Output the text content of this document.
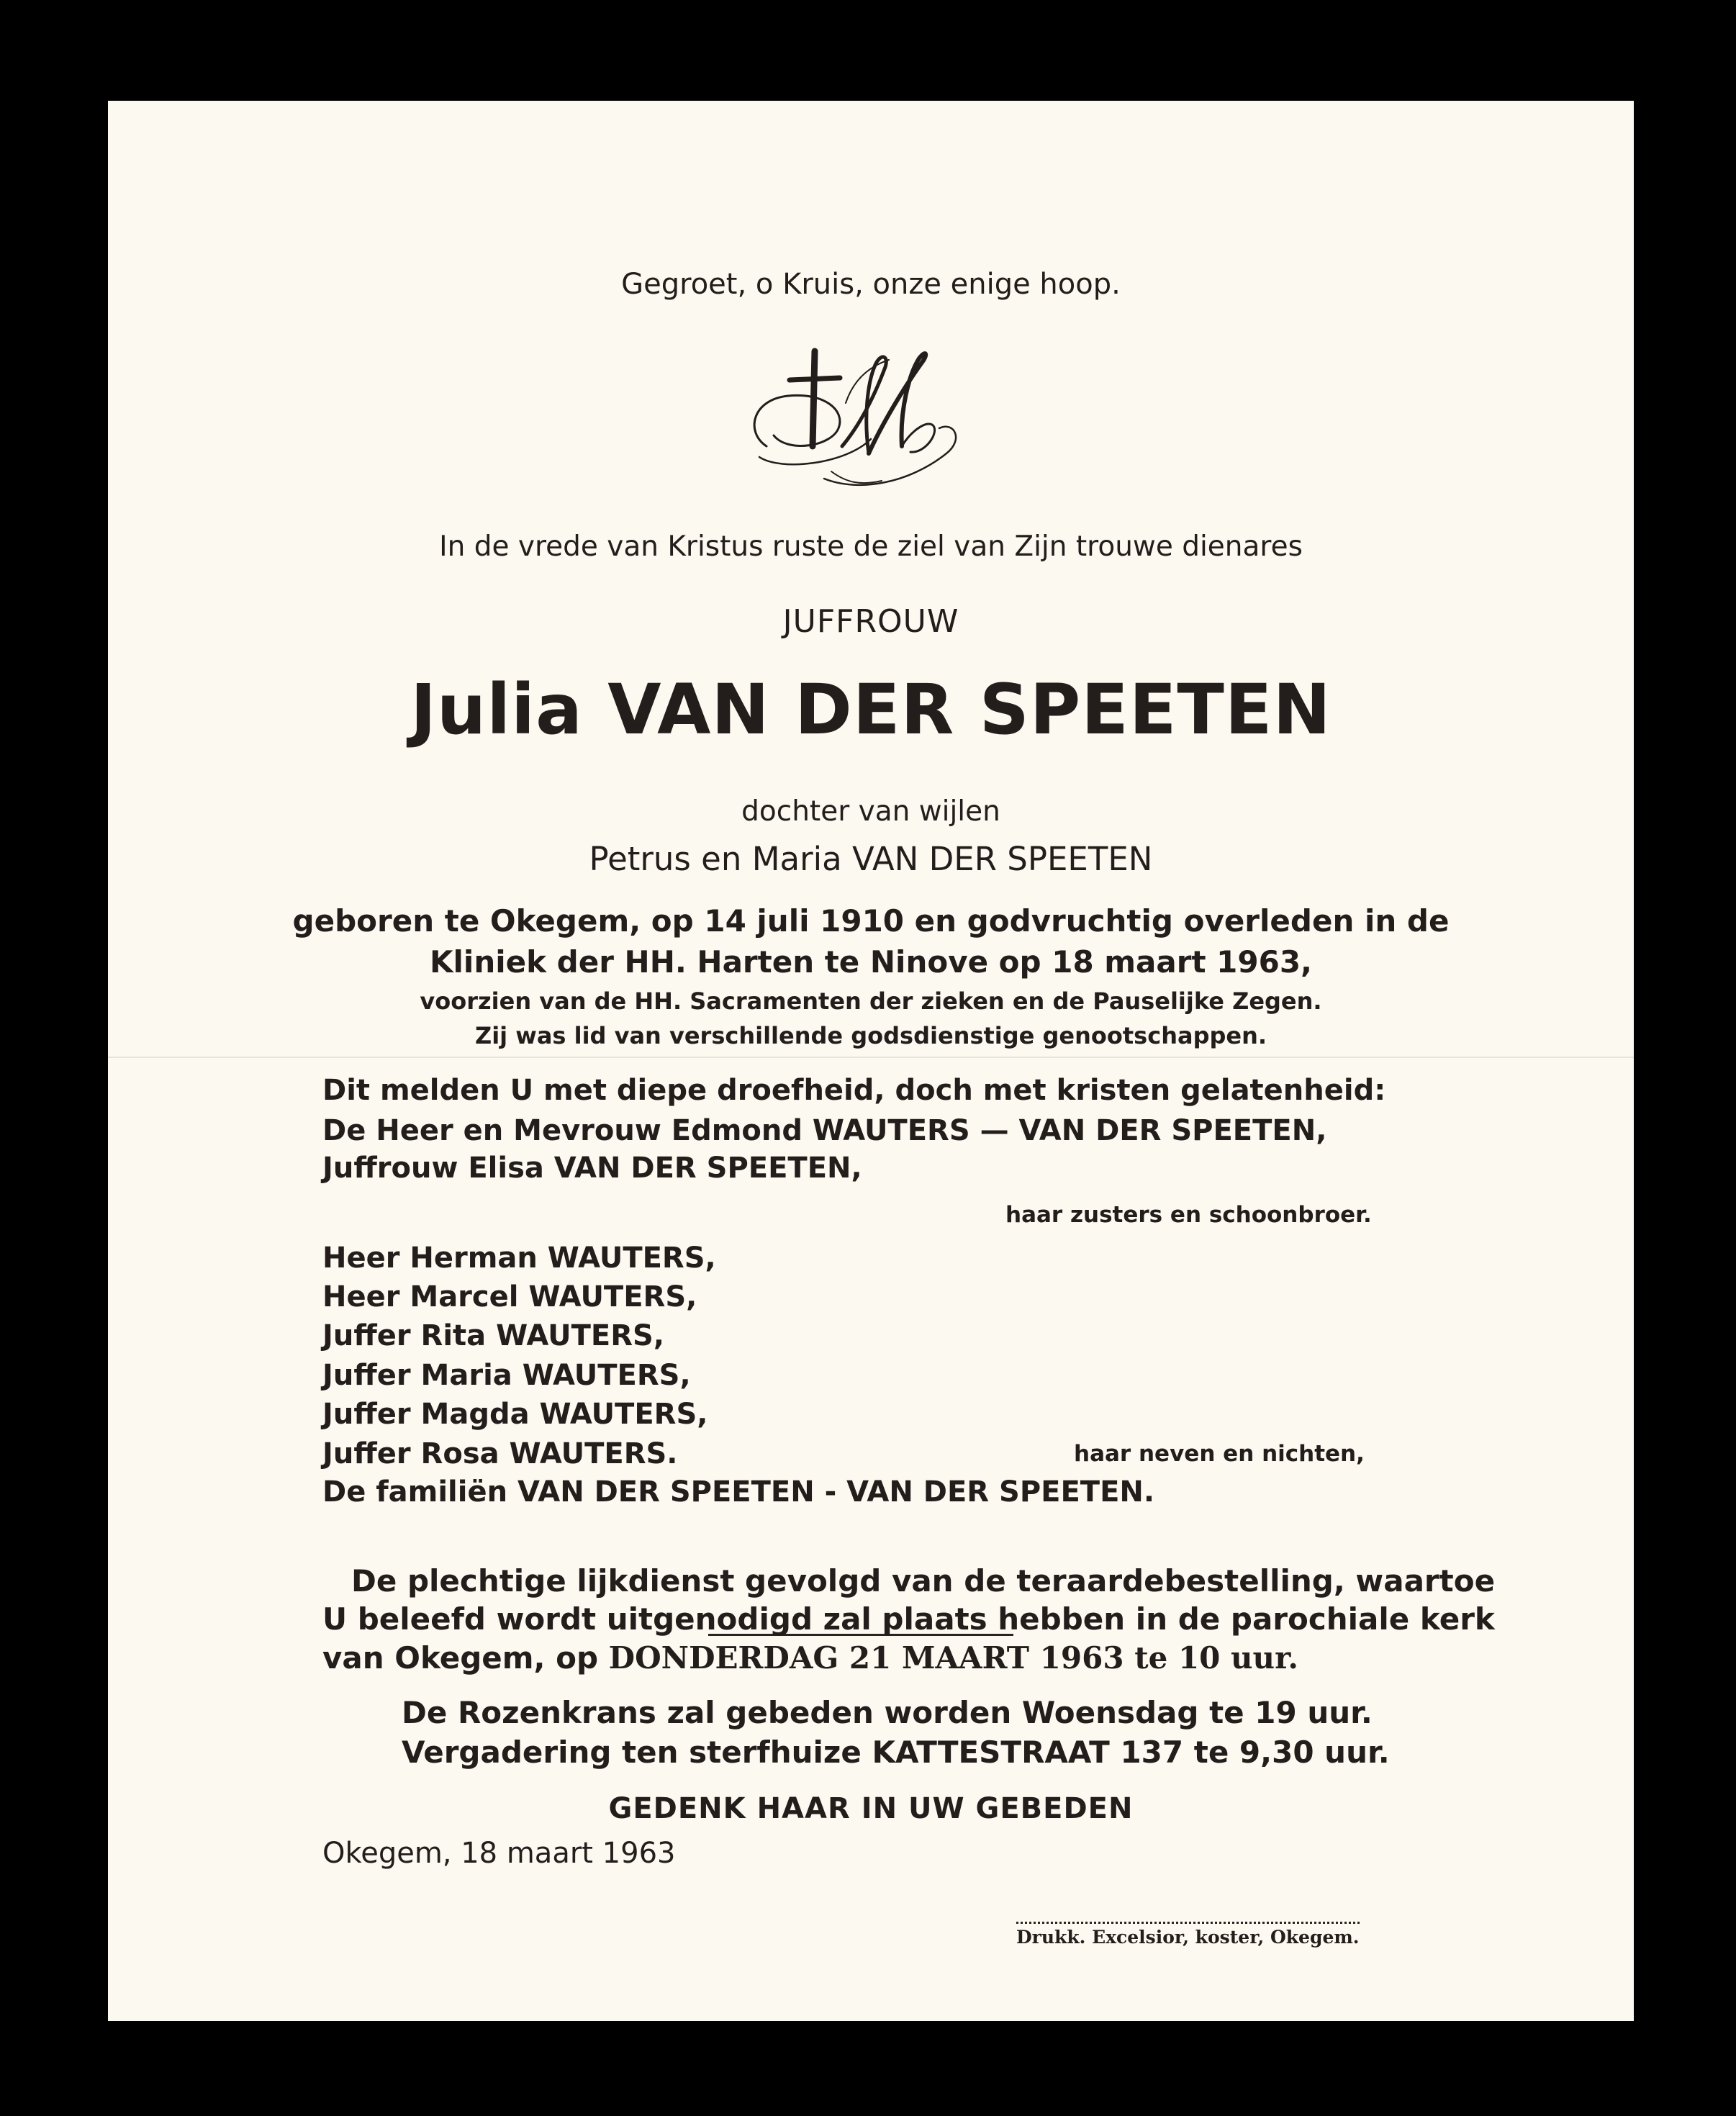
Gegroet, o Kruis, onze enige hoop.
In de vrede van Kristus ruste de ziel van Zijn trouwe dienares
JUFFROUW
Julia VAN DER SPEETEN
dochter van wijlen
Petrus en Maria VAN DER SPEETEN
geboren te Okegem, op 14 juli 1910 en godvruchtig overleden in de
Kliniek der HH. Harten te Ninove op 18 maart 1963,
voorzien van de HH. Sacramenten der zieken en de Pauselijke Zegen.
Zij was lid van verschillende godsdienstige genootschappen.
Dit melden U met diepe droefheid, doch met kristen gelatenheid:
De Heer en Mevrouw Edmond WAUTERS — VAN DER SPEETEN,
Juffrouw Elisa VAN DER SPEETEN,
haar zusters en schoonbroer.
Heer Herman WAUTERS,
Heer Marcel WAUTERS,
Juffer Rita WAUTERS,
Juffer Maria WAUTERS,
Juffer Magda WAUTERS,
Juffer Rosa WAUTERS.	haar neven en nichten,
De familiën VAN DER SPEETEN - VAN DER SPEETEN.
De plechtige lijkdienst gevolgd van de teraardebestelling, waartoe
U beleefd wordt uitgenodigd zal plaats hebben in de parochiale kerk
van Okegem, op DONDERDAG 21 MAART 1963 te 10 uur.
De Rozenkrans zal gebeden worden Woensdag te 19 uur.
Vergadering ten sterfhuize KATTESTRAAT 137 te 9,30 uur.
GEDENK HAAR IN UW GEBEDEN
Okegem, 18 maart 1963
Drukk. Excelsior, koster, Okegem.
